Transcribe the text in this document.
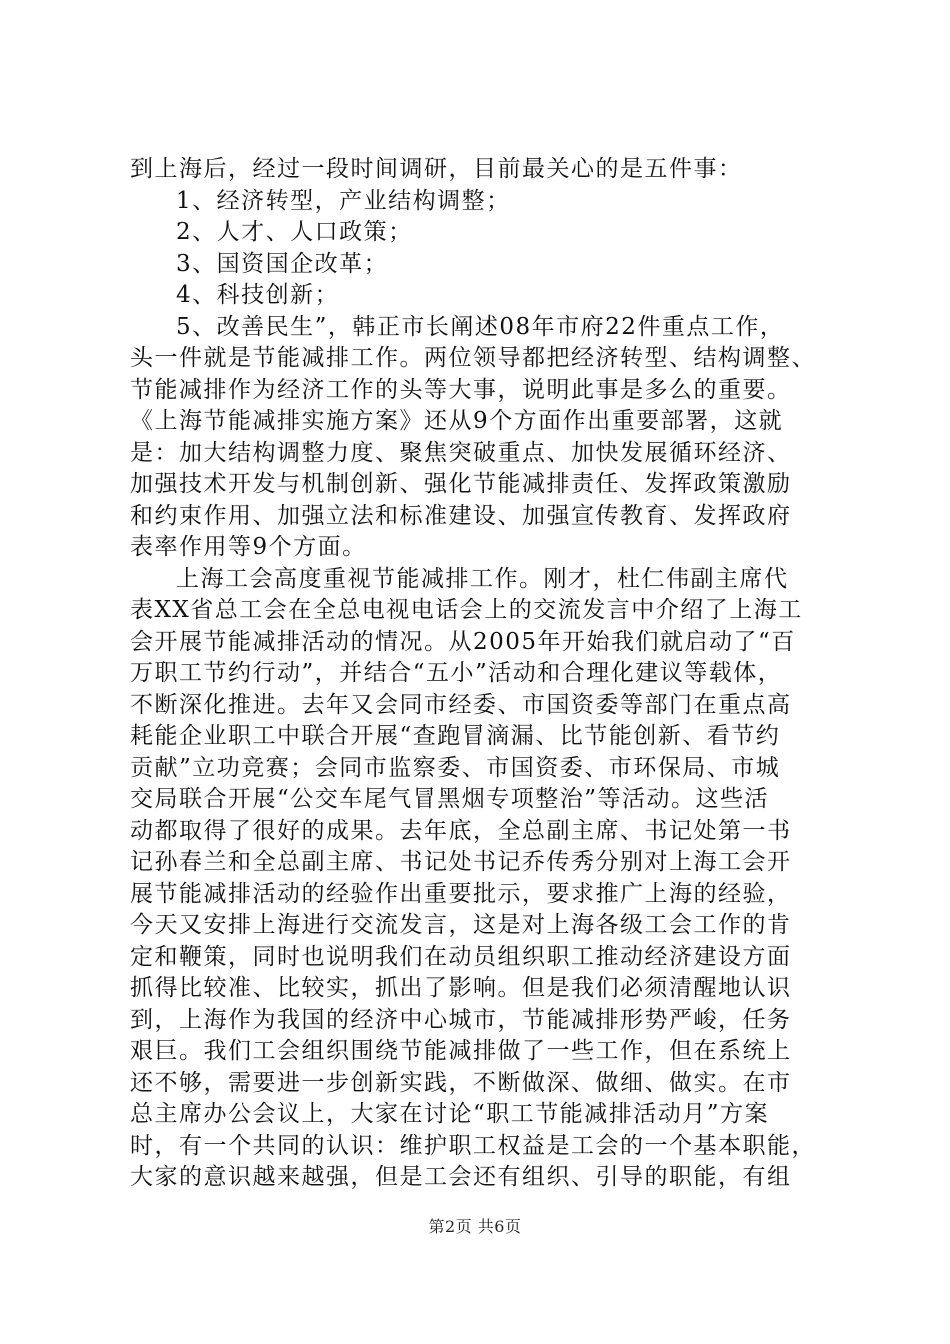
到上海后，经过一段时间调研，目前最关心的是五件事：
1、经济转型，产业结构调整；
2、人才、人口政策；
3、国资国企改革；
4、科技创新；
5、改善民生”，韩正市长阐述08年市府22件重点工作，
头一件就是节能减排工作。两位领导都把经济转型、结构调整、
节能减排作为经济工作的头等大事，说明此事是多么的重要。
《上海节能减排实施方案》还从9个方面作出重要部署，这就
是：加大结构调整力度、聚焦突破重点、加快发展循环经济、
加强技术开发与机制创新、强化节能减排责任、发挥政策激励
和约束作用、加强立法和标准建设、加强宣传教育、发挥政府
表率作用等9个方面。
上海工会高度重视节能减排工作。刚才，杜仁伟副主席代
表XX省总工会在全总电视电话会上的交流发言中介绍了上海工
会开展节能减排活动的情况。从2005年开始我们就启动了“百
万职工节约行动”，并结合“五小”活动和合理化建议等载体，
不断深化推进。去年又会同市经委、市国资委等部门在重点高
耗能企业职工中联合开展“查跑冒滴漏、比节能创新、看节约
贡献”立功竞赛；会同市监察委、市国资委、市环保局、市城
交局联合开展“公交车尾气冒黑烟专项整治”等活动。这些活
动都取得了很好的成果。去年底，全总副主席、书记处第一书
记孙春兰和全总副主席、书记处书记乔传秀分别对上海工会开
展节能减排活动的经验作出重要批示，要求推广上海的经验，
今天又安排上海进行交流发言，这是对上海各级工会工作的肯
定和鞭策，同时也说明我们在动员组织职工推动经济建设方面
抓得比较准、比较实，抓出了影响。但是我们必须清醒地认识
到，上海作为我国的经济中心城市，节能减排形势严峻，任务
艰巨。我们工会组织围绕节能减排做了一些工作，但在系统上
还不够，需要进一步创新实践，不断做深、做细、做实。在市
总主席办公会议上，大家在讨论“职工节能减排活动月”方案
时，有一个共同的认识：维护职工权益是工会的一个基本职能，
大家的意识越来越强，但是工会还有组织、引导的职能，有组
第2页 共6页
